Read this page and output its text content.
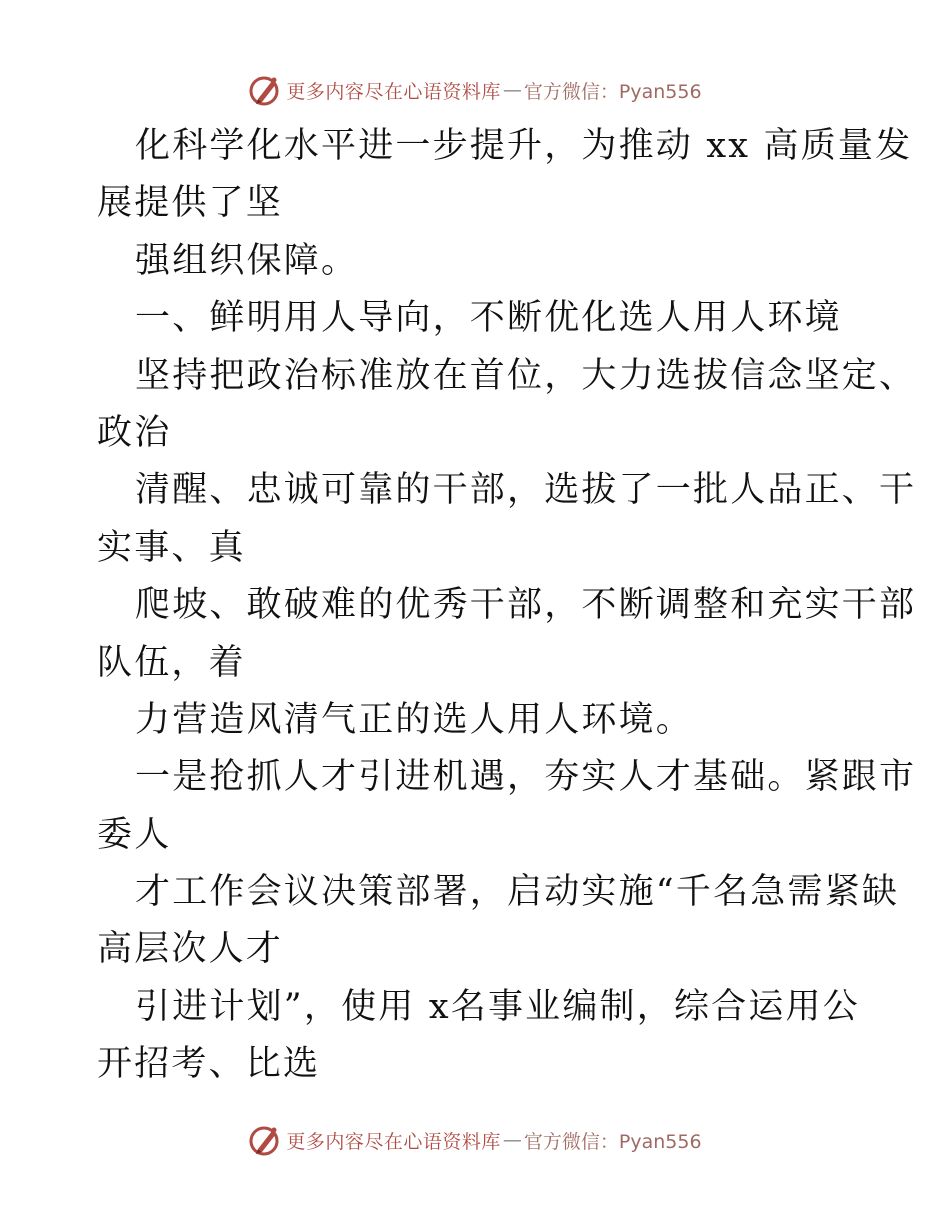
更多内容尽在心语资料库 — 官方微信：Pyan556
化科学化水平进一步提升，为推动 xx 高质量发
展提供了坚
强组织保障。
一、鲜明用人导向，不断优化选人用人环境
坚持把政治标准放在首位，大力选拔信念坚定、
政治
清醒、忠诚可靠的干部，选拔了一批人品正、干
实事、真
爬坡、敢破难的优秀干部，不断调整和充实干部
队伍，着
力营造风清气正的选人用人环境。
一是抢抓人才引进机遇，夯实人才基础。紧跟市
委人
才工作会议决策部署，启动实施“千名急需紧缺
高层次人才
引进计划”，使用 x名事业编制，综合运用公
开招考、比选
更多内容尽在心语资料库 — 官方微信：Pyan556
